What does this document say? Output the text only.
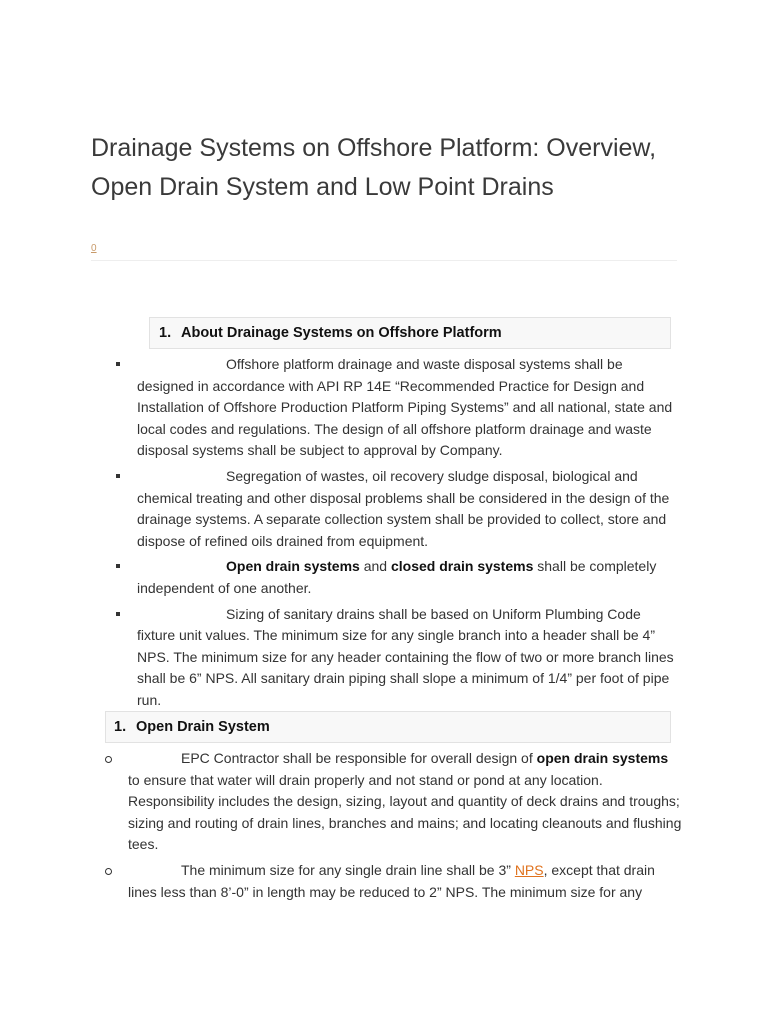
Drainage Systems on Offshore Platform: Overview, Open Drain System and Low Point Drains
0
1. About Drainage Systems on Offshore Platform
Offshore platform drainage and waste disposal systems shall be designed in accordance with API RP 14E “Recommended Practice for Design and Installation of Offshore Production Platform Piping Systems” and all national, state and local codes and regulations. The design of all offshore platform drainage and waste disposal systems shall be subject to approval by Company.
Segregation of wastes, oil recovery sludge disposal, biological and chemical treating and other disposal problems shall be considered in the design of the drainage systems. A separate collection system shall be provided to collect, store and dispose of refined oils drained from equipment.
Open drain systems and closed drain systems shall be completely independent of one another.
Sizing of sanitary drains shall be based on Uniform Plumbing Code fixture unit values. The minimum size for any single branch into a header shall be 4” NPS. The minimum size for any header containing the flow of two or more branch lines shall be 6” NPS. All sanitary drain piping shall slope a minimum of 1/4” per foot of pipe run.
1. Open Drain System
EPC Contractor shall be responsible for overall design of open drain systems to ensure that water will drain properly and not stand or pond at any location. Responsibility includes the design, sizing, layout and quantity of deck drains and troughs; sizing and routing of drain lines, branches and mains; and locating cleanouts and flushing tees.
The minimum size for any single drain line shall be 3” NPS, except that drain lines less than 8’-0” in length may be reduced to 2” NPS. The minimum size for any
